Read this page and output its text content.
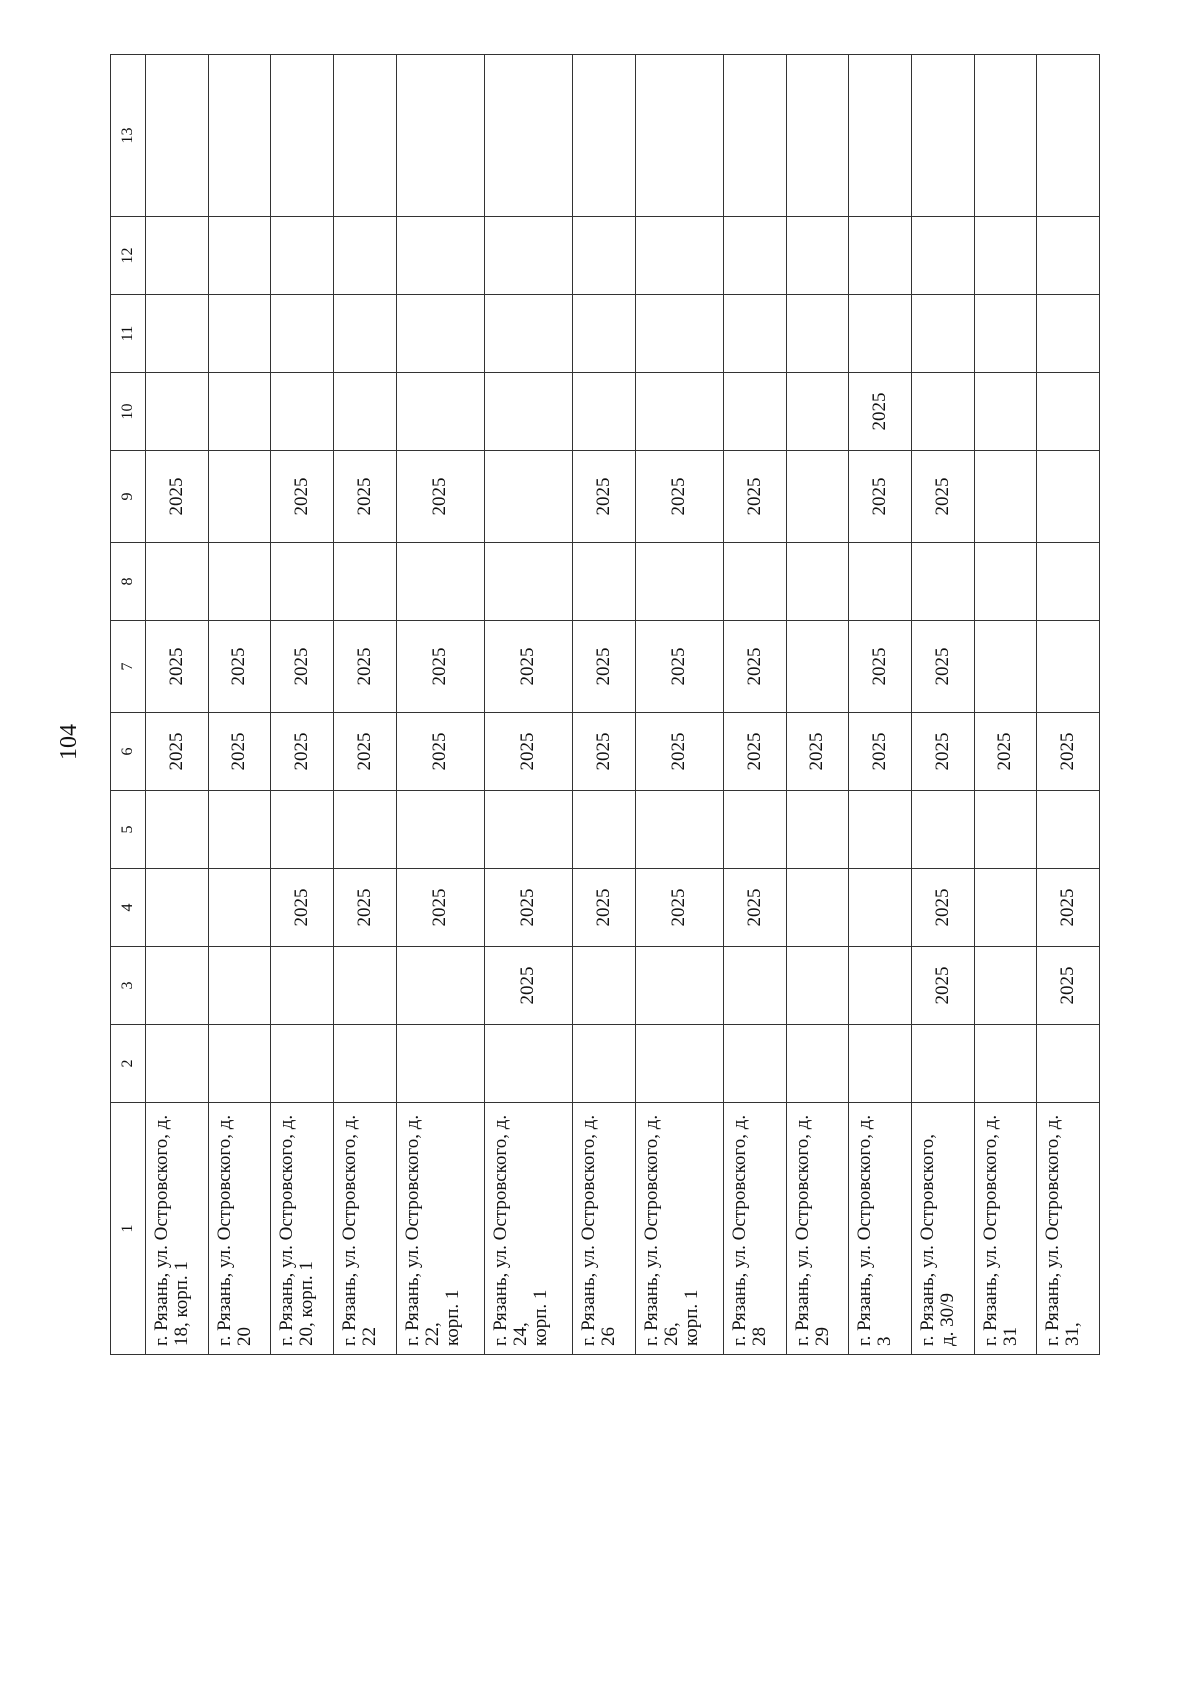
104
1	2	3	4	5	6	7	8	9	10	11	12	13

г. Рязань, ул. Островского, д.
18, корп. 1					2025	2025		2025				

г. Рязань, ул. Островского, д. 20					2025	2025						

г. Рязань, ул. Островского, д.
20, корп. 1			2025		2025	2025		2025				

г. Рязань, ул. Островского, д. 22			2025		2025	2025		2025				

г. Рязань, ул. Островского, д.
22,
корп. 1			2025		2025	2025		2025				

г. Рязань, ул. Островского, д.
24,
корп. 1		2025	2025		2025	2025						

г. Рязань, ул. Островского, д. 26			2025		2025	2025		2025				

г. Рязань, ул. Островского, д.
26,
корп. 1			2025		2025	2025		2025				

г. Рязань, ул. Островского, д. 28			2025		2025	2025		2025				

г. Рязань, ул. Островского, д. 29					2025							

г. Рязань, ул. Островского, д. 3					2025	2025		2025	2025			

г. Рязань, ул. Островского,
д. 30/9		2025	2025		2025	2025		2025				

г. Рязань, ул. Островского, д. 31					2025							

г. Рязань, ул. Островского, д.
31,		2025	2025		2025							
